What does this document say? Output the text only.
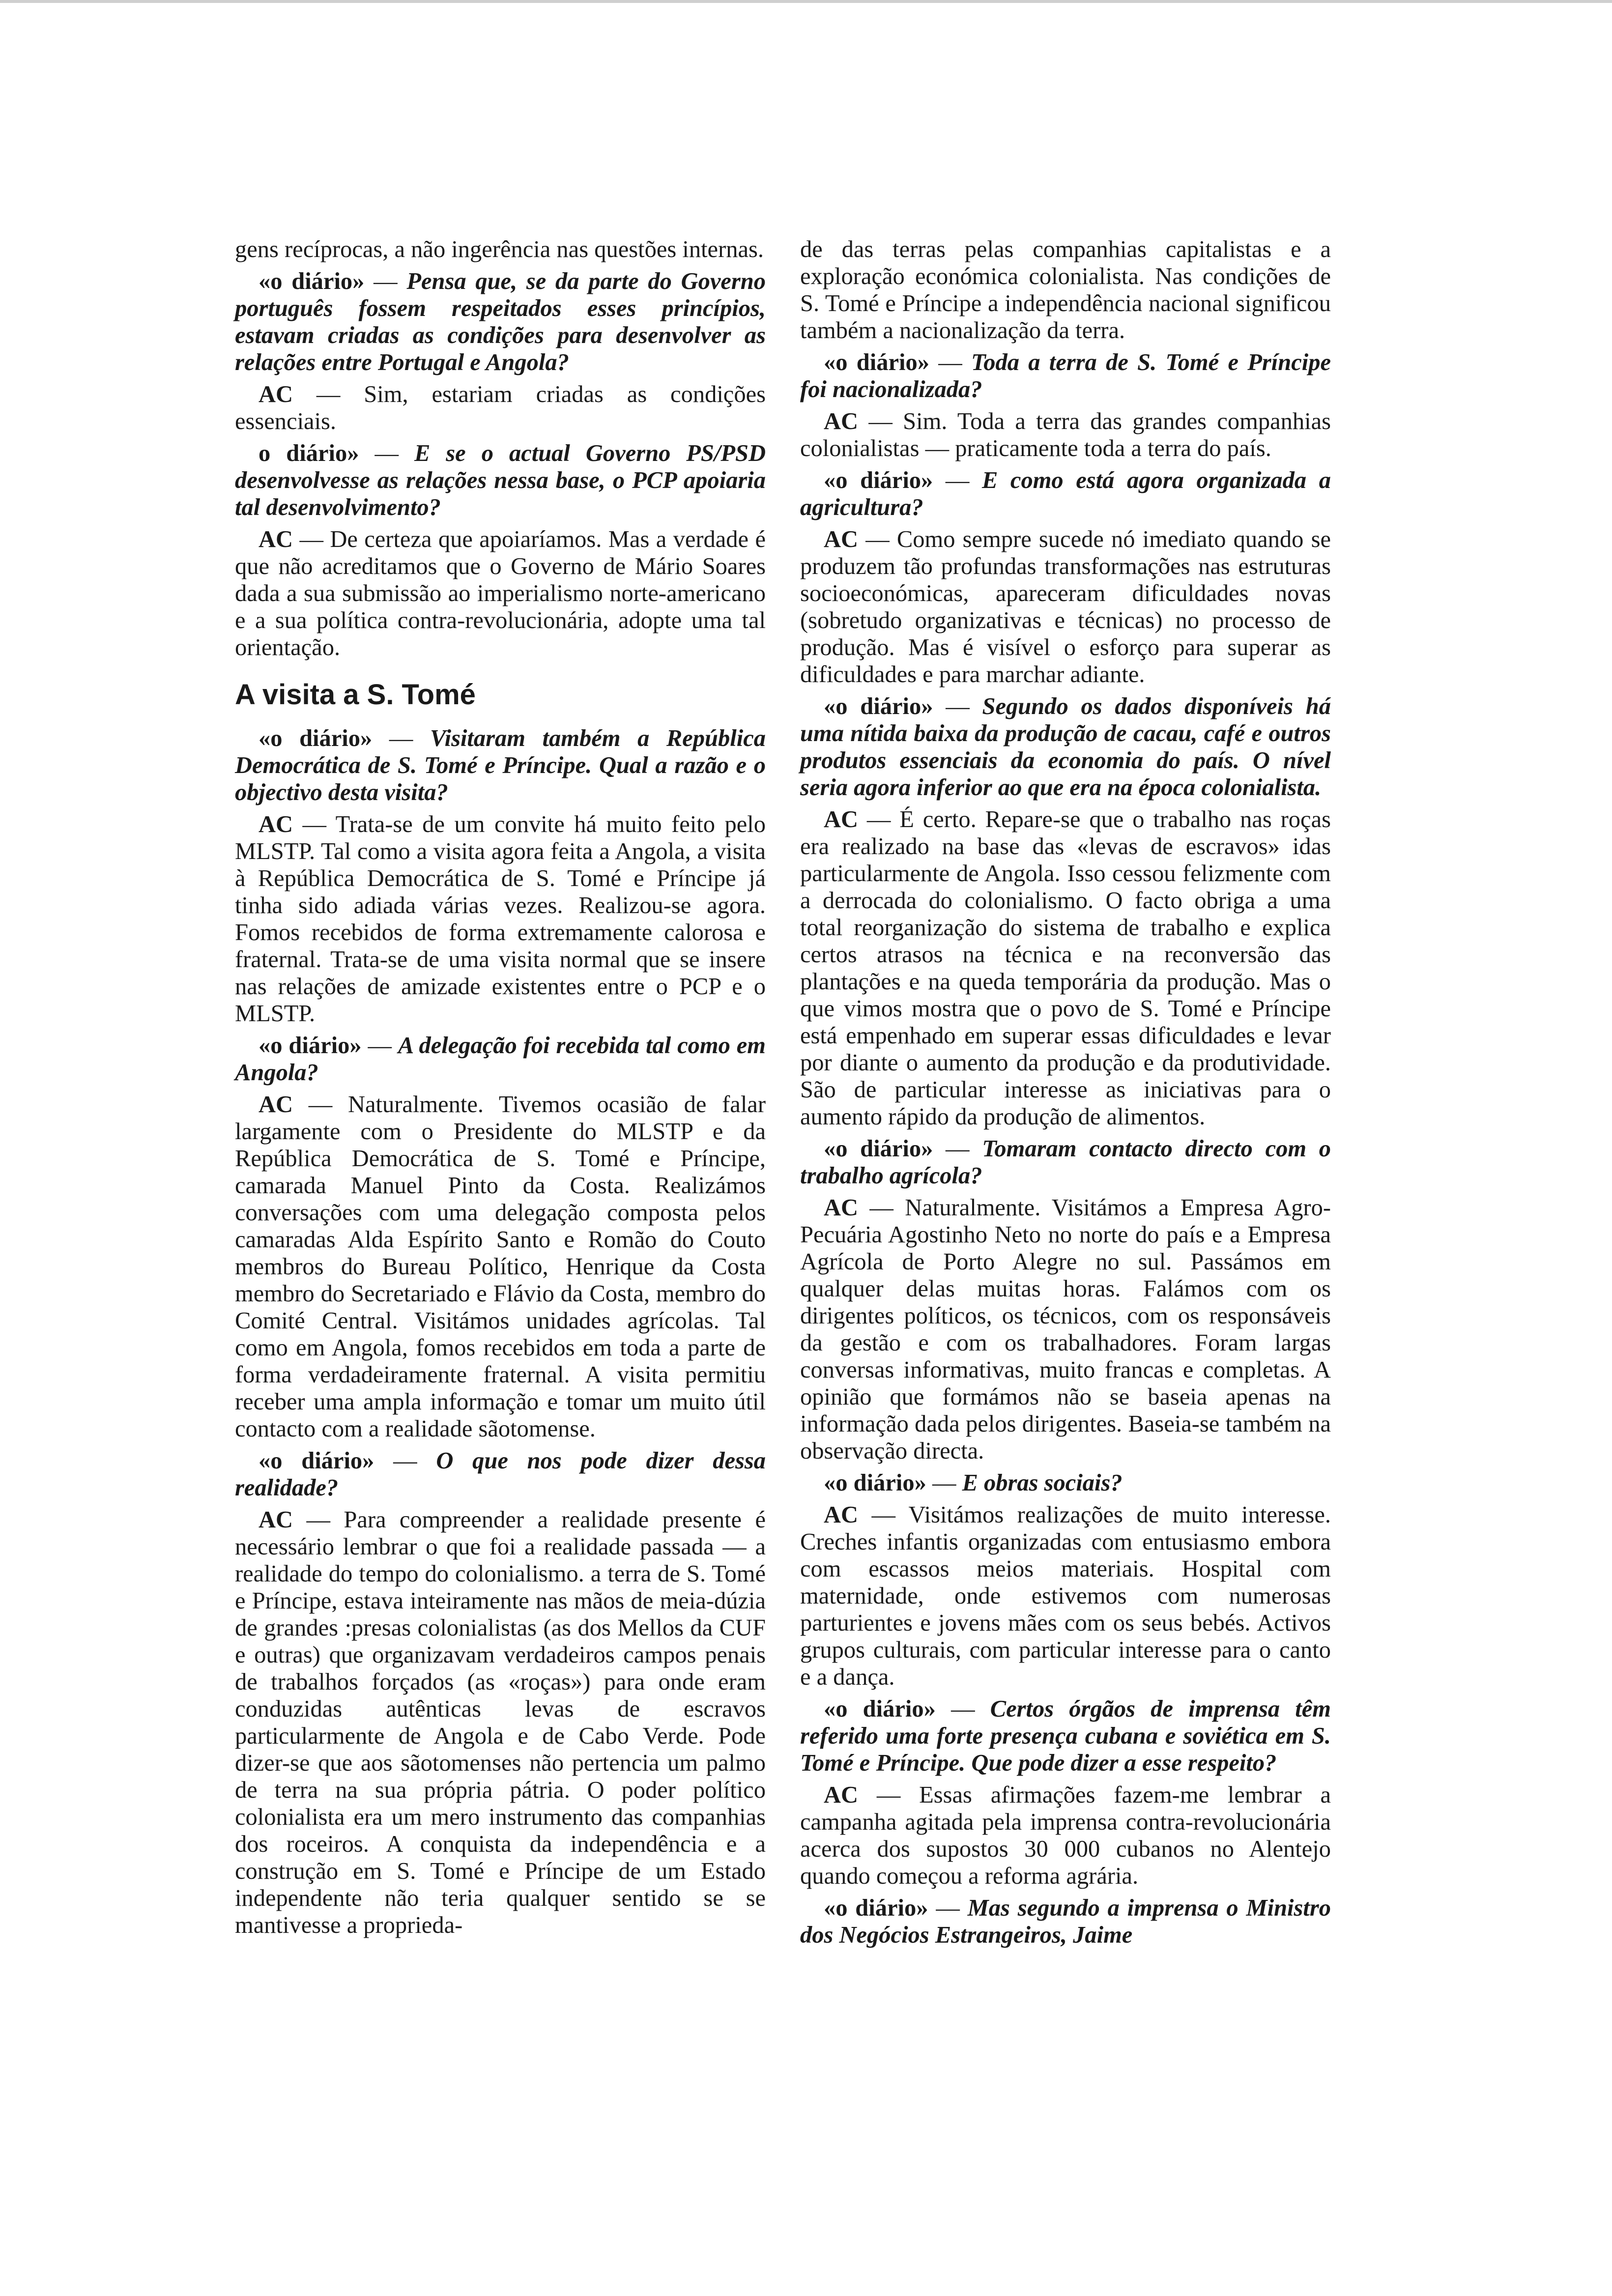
gens recíprocas, a não ingerência nas questões internas.

«o diário» — Pensa que, se da parte do Governo português fossem respeitados esses princípios, estavam criadas as condições para desenvolver as relações entre Portugal e Angola?

AC — Sim, estariam criadas as condições essenciais.

o diário» — E se o actual Governo PS/PSD desenvolvesse as relações nessa base, o PCP apoiaria tal desenvolvimento?

AC — De certeza que apoiaríamos. Mas a verdade é que não acreditamos que o Governo de Mário Soares dada a sua submissão ao imperialismo norte-americano e a sua política contra-revolucionária, adopte uma tal orientação.

A visita a S. Tomé

«o diário» — Visitaram também a República Democrática de S. Tomé e Príncipe. Qual a razão e o objectivo desta visita?

AC — Trata-se de um convite há muito feito pelo MLSTP. Tal como a visita agora feita a Angola, a visita à República Democrática de S. Tomé e Príncipe já tinha sido adiada várias vezes. Realizou-se agora. Fomos recebidos de forma extremamente calorosa e fraternal. Trata-se de uma visita normal que se insere nas relações de amizade existentes entre o PCP e o MLSTP.

«o diário» — A delegação foi recebida tal como em Angola?

AC — Naturalmente. Tivemos ocasião de falar largamente com o Presidente do MLSTP e da República Democrática de S. Tomé e Príncipe, camarada Manuel Pinto da Costa. Realizámos conversações com uma delegação composta pelos camaradas Alda Espírito Santo e Romão do Couto membros do Bureau Político, Henrique da Costa membro do Secretariado e Flávio da Costa, membro do Comité Central. Visitámos unidades agrícolas. Tal como em Angola, fomos recebidos em toda a parte de forma verdadeiramente fraternal. A visita permitiu receber uma ampla informação e tomar um muito útil contacto com a realidade sãotomense.

«o diário» — O que nos pode dizer dessa realidade?

AC — Para compreender a realidade presente é necessário lembrar o que foi a realidade passada — a realidade do tempo do colonialismo. a terra de S. Tomé e Príncipe, estava inteiramente nas mãos de meia-dúzia de grandes :presas colonialistas (as dos Mellos da CUF e outras) que organizavam verdadeiros campos penais de trabalhos forçados (as «roças») para onde eram conduzidas autênticas levas de escravos particularmente de Angola e de Cabo Verde. Pode dizer-se que aos sãotomenses não pertencia um palmo de terra na sua própria pátria. O poder político colonialista era um mero instrumento das companhias dos roceiros. A conquista da independência e a construção em S. Tomé e Príncipe de um Estado independente não teria qualquer sentido se se mantivesse a proprieda-

de das terras pelas companhias capitalistas e a exploração económica colonialista. Nas condições de S. Tomé e Príncipe a independência nacional significou também a nacionalização da terra.

«o diário» — Toda a terra de S. Tomé e Príncipe foi nacionalizada?

AC — Sim. Toda a terra das grandes companhias colonialistas — praticamente toda a terra do país.

«o diário» — E como está agora organizada a agricultura?

AC — Como sempre sucede nó imediato quando se produzem tão profundas transformações nas estruturas socioeconómicas, apareceram dificuldades novas (sobretudo organizativas e técnicas) no processo de produção. Mas é visível o esforço para superar as dificuldades e para marchar adiante.

«o diário» — Segundo os dados disponíveis há uma nítida baixa da produção de cacau, café e outros produtos essenciais da economia do país. O nível seria agora inferior ao que era na época colonialista.

AC — É certo. Repare-se que o trabalho nas roças era realizado na base das «levas de escravos» idas particularmente de Angola. Isso cessou felizmente com a derrocada do colonialismo. O facto obriga a uma total reorganização do sistema de trabalho e explica certos atrasos na técnica e na reconversão das plantações e na queda temporária da produção. Mas o que vimos mostra que o povo de S. Tomé e Príncipe está empenhado em superar essas dificuldades e levar por diante o aumento da produção e da produtividade. São de particular interesse as iniciativas para o aumento rápido da produção de alimentos.

«o diário» — Tomaram contacto directo com o trabalho agrícola?

AC — Naturalmente. Visitámos a Empresa Agro-Pecuária Agostinho Neto no norte do país e a Empresa Agrícola de Porto Alegre no sul. Passámos em qualquer delas muitas horas. Falámos com os dirigentes políticos, os técnicos, com os responsáveis da gestão e com os trabalhadores. Foram largas conversas informativas, muito francas e completas. A opinião que formámos não se baseia apenas na informação dada pelos dirigentes. Baseia-se também na observação directa.

«o diário» — E obras sociais?

AC — Visitámos realizações de muito interesse. Creches infantis organizadas com entusiasmo embora com escassos meios materiais. Hospital com maternidade, onde estivemos com numerosas parturientes e jovens mães com os seus bebés. Activos grupos culturais, com particular interesse para o canto e a dança.

«o diário» — Certos órgãos de imprensa têm referido uma forte presença cubana e soviética em S. Tomé e Príncipe. Que pode dizer a esse respeito?

AC — Essas afirmações fazem-me lembrar a campanha agitada pela imprensa contra-revolucionária acerca dos supostos 30 000 cubanos no Alentejo quando começou a reforma agrária.

«o diário» — Mas segundo a imprensa o Ministro dos Negócios Estrangeiros, Jaime
